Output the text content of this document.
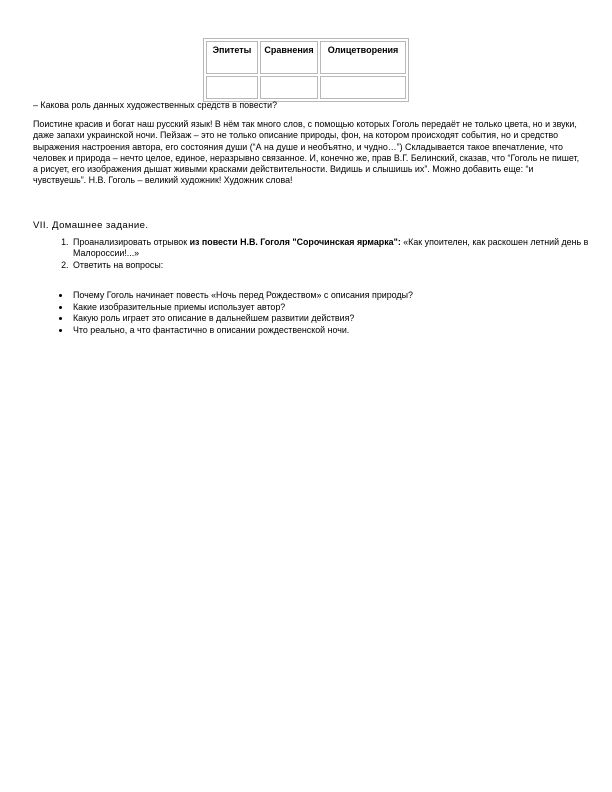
Эпитеты	Сравнения	Олицетворения

– Какова роль данных художественных средств в повести?

Поистине красив и богат наш русский язык! В нём так много слов, с помощью которых Гоголь передаёт не только цвета, но и звуки, даже запахи украинской ночи. Пейзаж – это не только описание природы, фон, на котором происходят события, но и средство выражения настроения автора, его состояния души (“А на душе и необъятно, и чудно…”) Складывается такое впечатление, что человек и природа – нечто целое, единое, неразрывно связанное. И, конечно же, прав В.Г. Белинский, сказав, что “Гоголь не пишет, а рисует, его изображения дышат живыми красками действительности. Видишь и слышишь их”. Можно добавить еще: “и чувствуешь”. Н.В. Гоголь – великий художник! Художник слова!

VII. Домашнее задание.

1. Проанализировать отрывок из повести Н.В. Гоголя "Сорочинская ярмарка": «Как упоителен, как раскошен летний день в Малороссии!...»
2. Ответить на вопросы:
• Почему Гоголь начинает повесть «Ночь перед Рождеством» с описания природы?
• Какие изобразительные приемы использует автор?
• Какую роль играет это описание в дальнейшем развитии действия?
• Что реально, а что фантастично в описании рождественской ночи.
